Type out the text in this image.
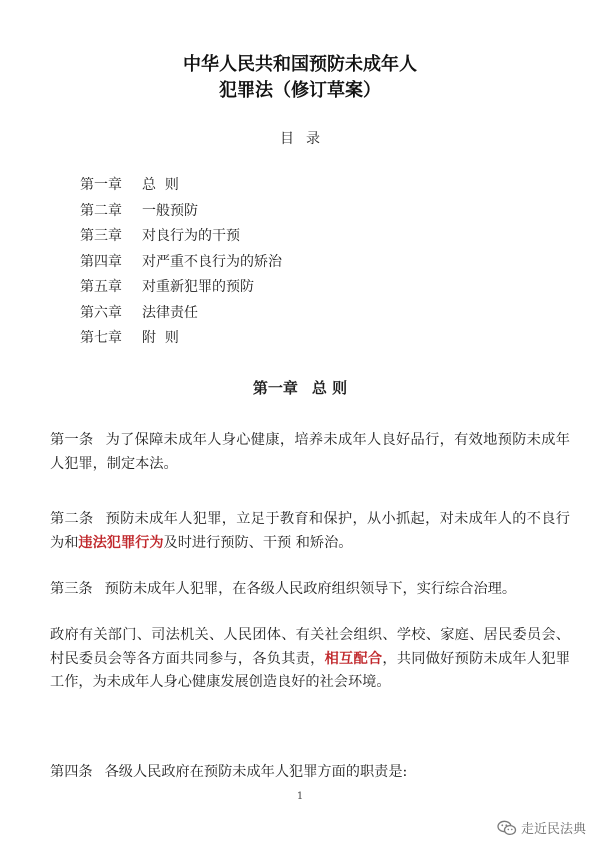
中华人民共和国预防未成年人
犯罪法（修订草案）
目录
第一章 总  则
第二章 一般预防
第三章 对良行为的干预
第四章 对严重不良行为的矫治
第五章 对重新犯罪的预防
第六章 法律责任
第七章 附  则
第一章 总 则

第一条 为了保障未成年人身心健康，培养未成年人良好品行，有效地预防未成年人犯罪，制定本法。

第二条 预防未成年人犯罪，立足于教育和保护，从小抓起，对未成年人的不良行为和违法犯罪行为及时进行预防、干预 和矫治。

第三条 预防未成年人犯罪，在各级人民政府组织领导下，实行综合治理。

政府有关部门、司法机关、人民团体、有关社会组织、学校、家庭、居民委员会、村民委员会等各方面共同参与，各负其责，相互配合，共同做好预防未成年人犯罪工作，为未成年人身心健康发展创造良好的社会环境。

第四条 各级人民政府在预防未成年人犯罪方面的职责是:

1
走近民法典
